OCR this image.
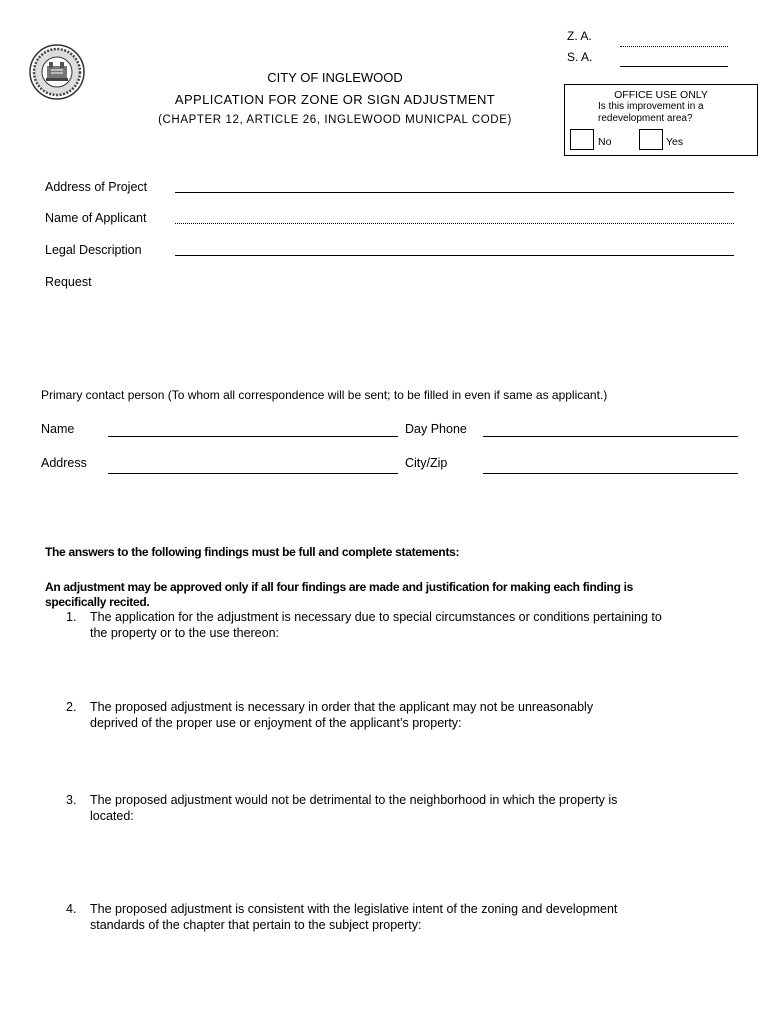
Z. A.
S. A.
CITY OF INGLEWOOD
APPLICATION FOR ZONE OR SIGN ADJUSTMENT
(CHAPTER 12, ARTICLE 26, INGLEWOOD MUNICPAL CODE)
OFFICE USE ONLY
Is this improvement in a
redevelopment area?
No	Yes
Address of Project
Name of Applicant
Legal Description
Request
Primary contact person (To whom all correspondence will be sent; to be filled in even if same as applicant.)
Name	Day Phone
Address	City/Zip
The answers to the following findings must be full and complete statements:
An adjustment may be approved only if all four findings are made and justification for making each finding is
specifically recited.
1. The application for the adjustment is necessary due to special circumstances or conditions pertaining to
the property or to the use thereon:
2. The proposed adjustment is necessary in order that the applicant may not be unreasonably
deprived of the proper use or enjoyment of the applicant’s property:
3. The proposed adjustment would not be detrimental to the neighborhood in which the property is
located:
4. The proposed adjustment is consistent with the legislative intent of the zoning and development
standards of the chapter that pertain to the subject property:
